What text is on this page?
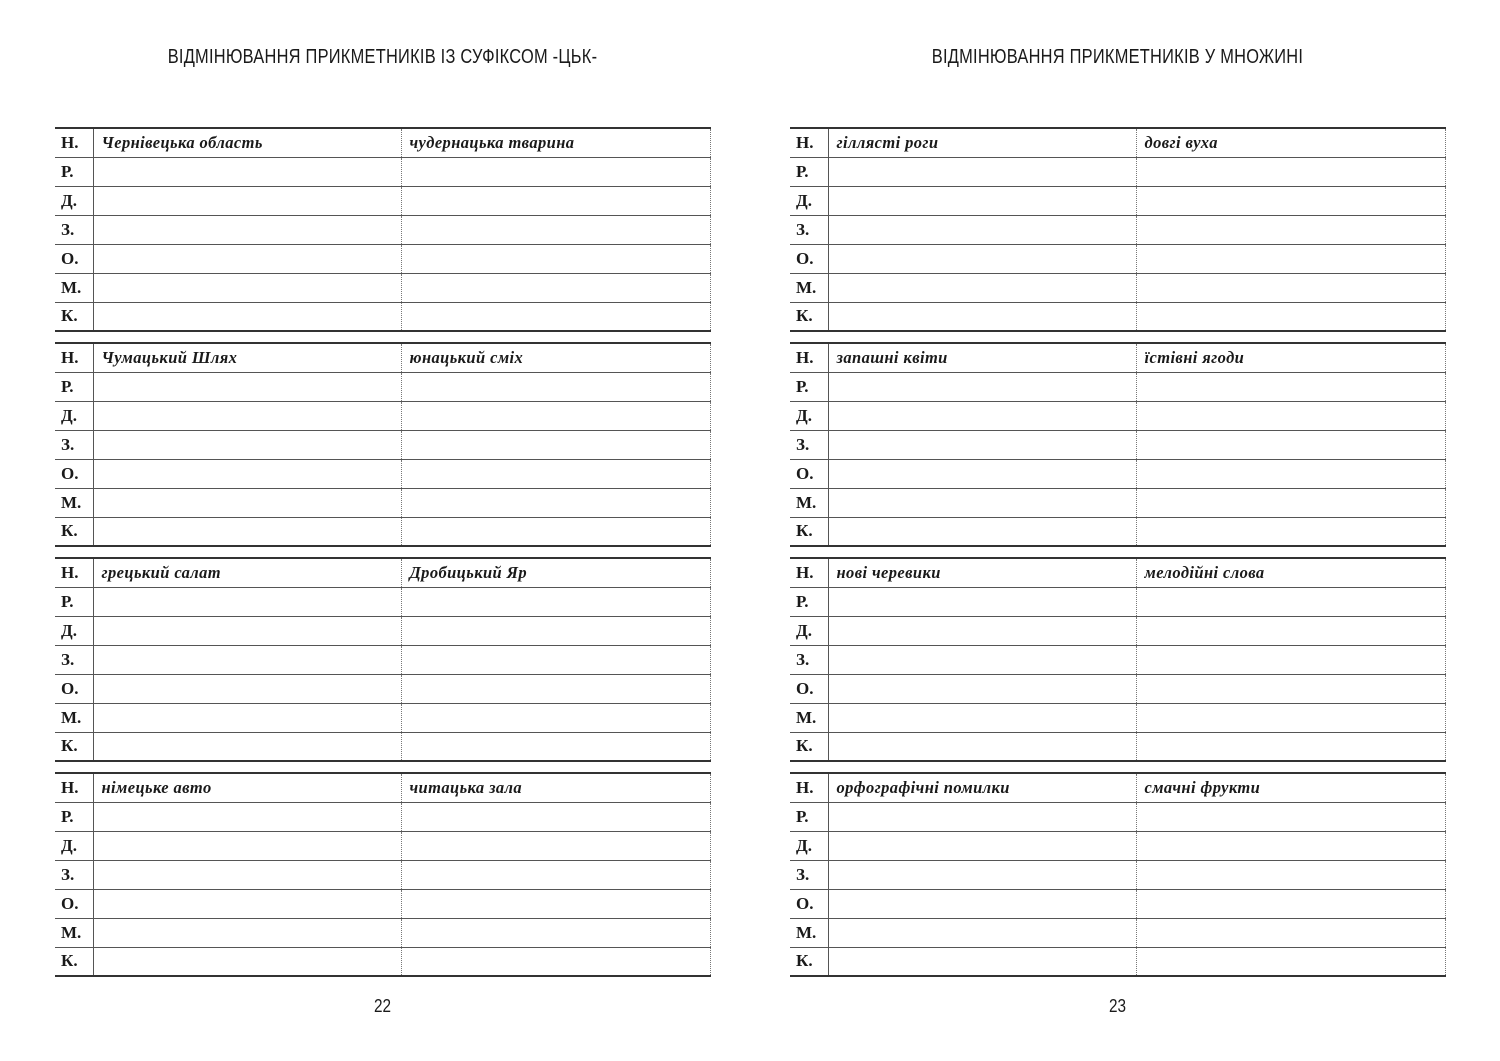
ВІДМІНЮВАННЯ ПРИКМЕТНИКІВ ІЗ СУФІКСОМ -ЦЬК-
Н.	Чернівецька область	чудернацька тварина
Р.		
Д.		
З.		
О.		
М.		
К.		
Н.	Чумацький Шлях	юнацький сміх
Р.		
Д.		
З.		
О.		
М.		
К.		
Н.	грецький салат	Дробицький Яр
Р.		
Д.		
З.		
О.		
М.		
К.		
Н.	німецьке авто	читацька зала
Р.		
Д.		
З.		
О.		
М.		
К.		
22
ВІДМІНЮВАННЯ ПРИКМЕТНИКІВ У МНОЖИНІ
Н.	гіллясті роги	довгі вуха
Р.		
Д.		
З.		
О.		
М.		
К.		
Н.	запашні квіти	їстівні ягоди
Р.		
Д.		
З.		
О.		
М.		
К.		
Н.	нові черевики	мелодійні слова
Р.		
Д.		
З.		
О.		
М.		
К.		
Н.	орфографічні помилки	смачні фрукти
Р.		
Д.		
З.		
О.		
М.		
К.		
23
